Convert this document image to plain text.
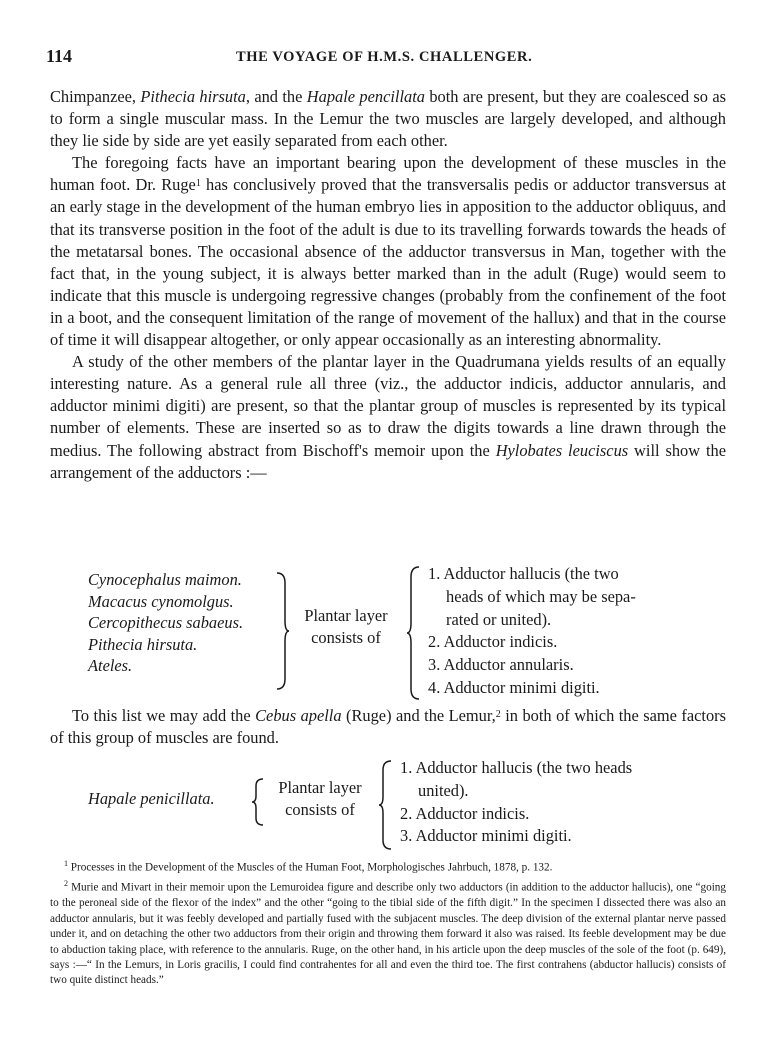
114	THE VOYAGE OF H.M.S. CHALLENGER.

Chimpanzee, Pithecia hirsuta, and the Hapale pencillata both are present, but they are coalesced so as to form a single muscular mass. In the Lemur the two muscles are largely developed, and although they lie side by side are yet easily separated from each other.

The foregoing facts have an important bearing upon the development of these muscles in the human foot. Dr. Ruge$^1$ has conclusively proved that the transversalis pedis or adductor transversus at an early stage in the development of the human embryo lies in apposition to the adductor obliquus, and that its transverse position in the foot of the adult is due to its travelling forwards towards the heads of the metatarsal bones. The occasional absence of the adductor transversus in Man, together with the fact that, in the young subject, it is always better marked than in the adult (Ruge) would seem to indicate that this muscle is undergoing regressive changes (probably from the confinement of the foot in a boot, and the consequent limitation of the range of movement of the hallux) and that in the course of time it will disappear altogether, or only appear occasionally as an interesting abnormality.

A study of the other members of the plantar layer in the Quadrumana yields results of an equally interesting nature. As a general rule all three (viz., the adductor indicis, adductor annularis, and adductor minimi digiti) are present, so that the plantar group of muscles is represented by its typical number of elements. These are inserted so as to draw the digits towards a line drawn through the medius. The following abstract from Bischoff's memoir upon the Hylobates leuciscus will show the arrangement of the adductors :—

Cynocephalus maimon.
Macacus cynomolgus.
Cercopithecus sabaeus.
Pithecia hirsuta.
Ateles.
Plantar layer
consists of
1. Adductor hallucis (the two
heads of which may be sepa-
rated or united).
2. Adductor indicis.
3. Adductor annularis.
4. Adductor minimi digiti.

To this list we may add the Cebus apella (Ruge) and the Lemur,$^2$ in both of which the same factors of this group of muscles are found.

Hapale penicillata.
Plantar layer
consists of
1. Adductor hallucis (the two heads
united).
2. Adductor indicis.
3. Adductor minimi digiti.

$^1$ Processes in the Development of the Muscles of the Human Foot, Morphologisches Jahrbuch, 1878, p. 132.

$^2$ Murie and Mivart in their memoir upon the Lemuroidea figure and describe only two adductors (in addition to the adductor hallucis), one “going to the peroneal side of the flexor of the index” and the other “going to the tibial side of the fifth digit.” In the specimen I dissected there was also an adductor annularis, but it was feebly developed and partially fused with the subjacent muscles. The deep division of the external plantar nerve passed under it, and on detaching the other two adductors from their origin and throwing them forward it also was raised. Its feeble development may be due to abduction taking place, with reference to the annularis. Ruge, on the other hand, in his article upon the deep muscles of the sole of the foot (p. 649), says :—“ In the Lemurs, in Loris gracilis, I could find contrahentes for all and even the third toe. The first contrahens (abductor hallucis) consists of two quite distinct heads.”
